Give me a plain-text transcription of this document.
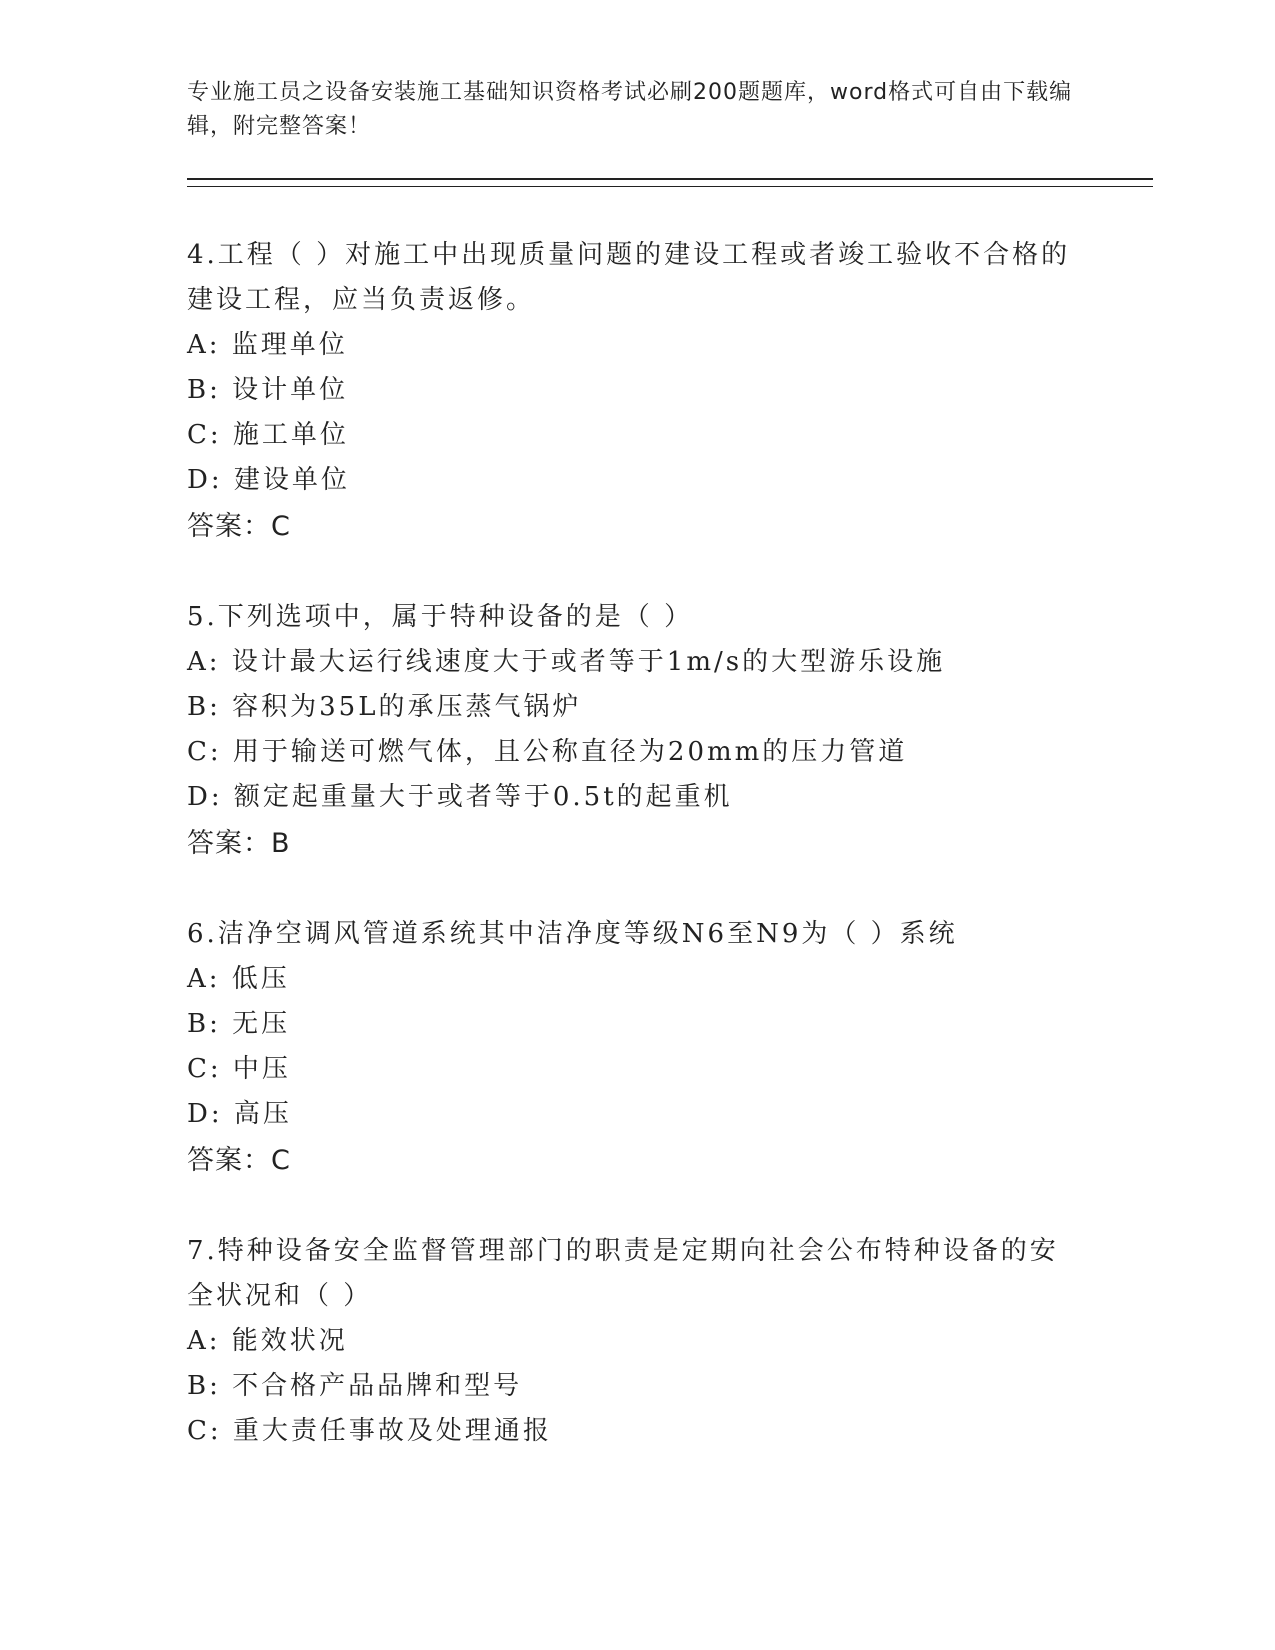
专业施工员之设备安装施工基础知识资格考试必刷200题题库，word格式可自由下载编辑，附完整答案！
4.工程（ ）对施工中出现质量问题的建设工程或者竣工验收不合格的建设工程，应当负责返修。
A: 监理单位
B: 设计单位
C: 施工单位
D: 建设单位
答案：C
5.下列选项中，属于特种设备的是（ ）
A: 设计最大运行线速度大于或者等于1m/s的大型游乐设施
B: 容积为35L的承压蒸气锅炉
C: 用于输送可燃气体，且公称直径为20mm的压力管道
D: 额定起重量大于或者等于0.5t的起重机
答案：B
6.洁净空调风管道系统其中洁净度等级N6至N9为（ ）系统
A: 低压
B: 无压
C: 中压
D: 高压
答案：C
7.特种设备安全监督管理部门的职责是定期向社会公布特种设备的安全状况和（ ）
A: 能效状况
B: 不合格产品品牌和型号
C: 重大责任事故及处理通报
